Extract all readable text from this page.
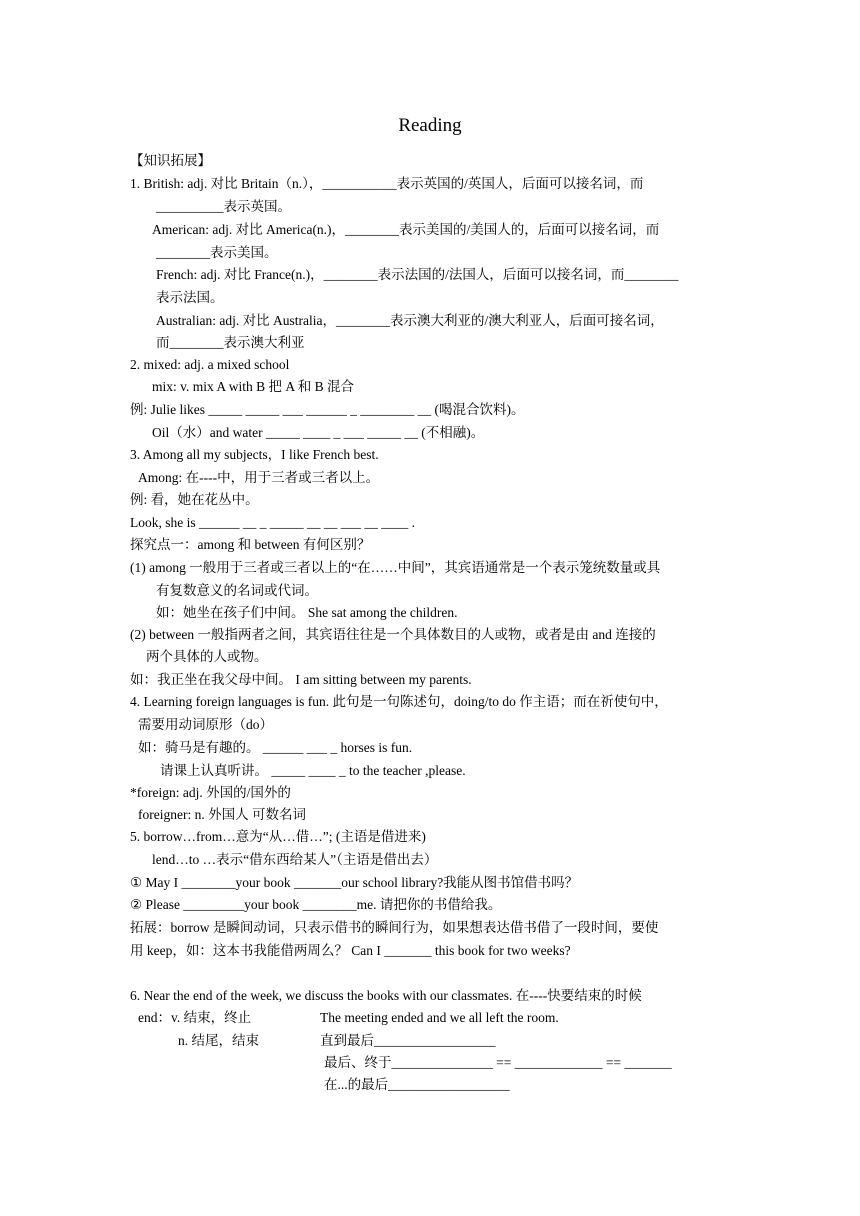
Reading
【知识拓展】
1. British: adj. 对比 Britain（n.），___________表示英国的/英国人，后面可以接名词，而
__________表示英国。
American: adj. 对比 America(n.)，________表示美国的/美国人的，后面可以接名词，而
________表示美国。
French: adj. 对比 France(n.)，________表示法国的/法国人，后面可以接名词，而________
表示法国。
Australian: adj. 对比 Australia，________表示澳大利亚的/澳大利亚人，后面可接名词，
而________表示澳大利亚
2. mixed: adj. a mixed school
mix: v. mix A with B 把 A 和 B 混合
例: Julie likes _____ _____ ___ ______ _ ________ __ (喝混合饮料)。
Oil（水）and water _____ ____ _ ___ _____ __ (不相融)。
3. Among all my subjects，I like French best.
Among: 在----中，用于三者或三者以上。
例: 看，她在花丛中。
Look, she is ______ __ _ _____ __ __ ___ __ ____ .
探究点一：among 和 between 有何区别？
(1) among 一般用于三者或三者以上的“在……中间”，其宾语通常是一个表示笼统数量或具
有复数意义的名词或代词。
如：她坐在孩子们中间。 She sat among the children.
(2) between 一般指两者之间，其宾语往往是一个具体数目的人或物，或者是由 and 连接的
两个具体的人或物。
如：我正坐在我父母中间。 I am sitting between my parents.
4. Learning foreign languages is fun. 此句是一句陈述句，doing/to do 作主语；而在祈使句中，
需要用动词原形（do）
如：骑马是有趣的。 ______ ___ _ horses is fun.
请课上认真听讲。 _____ ____ _ to the teacher ,please.
*foreign: adj. 外国的/国外的
foreigner: n. 外国人 可数名词
5. borrow…from…意为“从…借…”; (主语是借进来)
lend…to …表示“借东西给某人”（主语是借出去）
① May I ________your book _______our school library?我能从图书馆借书吗？
② Please _________your book ________me. 请把你的书借给我。
拓展：borrow 是瞬间动词，只表示借书的瞬间行为，如果想表达借书借了一段时间，要使
用 keep，如：这本书我能借两周么？ Can I _______ this book for two weeks?
6. Near the end of the week, we discuss the books with our classmates. 在----快要结束的时候
end：v. 结束，终止	The meeting ended and we all left the room.
n. 结尾，结束	直到最后__________________
最后、终于_______________ == _____________ == _______
在...的最后__________________
